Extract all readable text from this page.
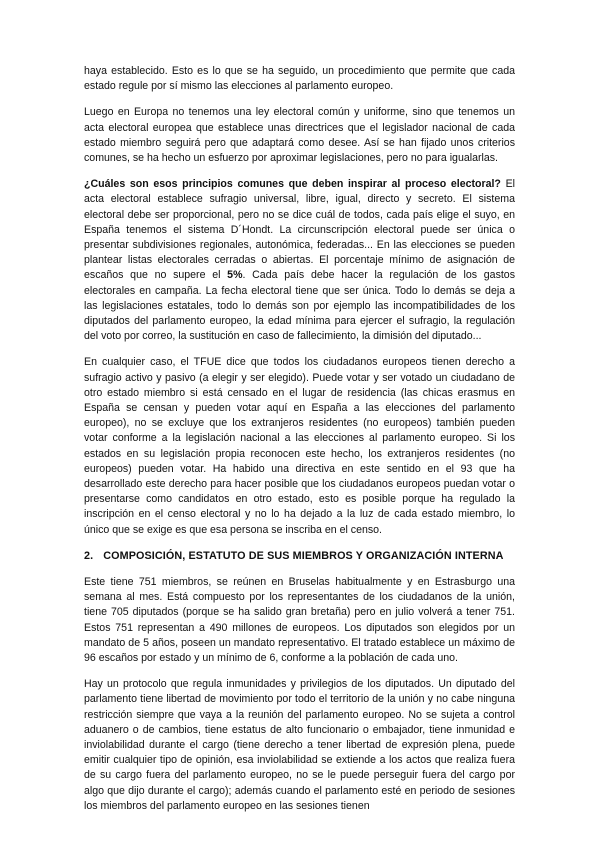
haya establecido. Esto es lo que se ha seguido, un procedimiento que permite que cada estado regule por sí mismo las elecciones al parlamento europeo.

Luego en Europa no tenemos una ley electoral común y uniforme, sino que tenemos un acta electoral europea que establece unas directrices que el legislador nacional de cada estado miembro seguirá pero que adaptará como desee. Así se han fijado unos criterios comunes, se ha hecho un esfuerzo por aproximar legislaciones, pero no para igualarlas.

¿Cuáles son esos principios comunes que deben inspirar al proceso electoral? El acta electoral establece sufragio universal, libre, igual, directo y secreto. El sistema electoral debe ser proporcional, pero no se dice cuál de todos, cada país elige el suyo, en España tenemos el sistema D´Hondt. La circunscripción electoral puede ser única o presentar subdivisiones regionales, autonómica, federadas... En las elecciones se pueden plantear listas electorales cerradas o abiertas. El porcentaje mínimo de asignación de escaños que no supere el 5%. Cada país debe hacer la regulación de los gastos electorales en campaña. La fecha electoral tiene que ser única. Todo lo demás se deja a las legislaciones estatales, todo lo demás son por ejemplo las incompatibilidades de los diputados del parlamento europeo, la edad mínima para ejercer el sufragio, la regulación del voto por correo, la sustitución en caso de fallecimiento, la dimisión del diputado...

En cualquier caso, el TFUE dice que todos los ciudadanos europeos tienen derecho a sufragio activo y pasivo (a elegir y ser elegido). Puede votar y ser votado un ciudadano de otro estado miembro si está censado en el lugar de residencia (las chicas erasmus en España se censan y pueden votar aquí en España a las elecciones del parlamento europeo), no se excluye que los extranjeros residentes (no europeos) también pueden votar conforme a la legislación nacional a las elecciones al parlamento europeo. Si los estados en su legislación propia reconocen este hecho, los extranjeros residentes (no europeos) pueden votar. Ha habido una directiva en este sentido en el 93 que ha desarrollado este derecho para hacer posible que los ciudadanos europeos puedan votar o presentarse como candidatos en otro estado, esto es posible porque ha regulado la inscripción en el censo electoral y no lo ha dejado a la luz de cada estado miembro, lo único que se exige es que esa persona se inscriba en el censo.

2. COMPOSICIÓN, ESTATUTO DE SUS MIEMBROS Y ORGANIZACIÓN INTERNA

Este tiene 751 miembros, se reúnen en Bruselas habitualmente y en Estrasburgo una semana al mes. Está compuesto por los representantes de los ciudadanos de la unión, tiene 705 diputados (porque se ha salido gran bretaña) pero en julio volverá a tener 751. Estos 751 representan a 490 millones de europeos. Los diputados son elegidos por un mandato de 5 años, poseen un mandato representativo. El tratado establece un máximo de 96 escaños por estado y un mínimo de 6, conforme a la población de cada uno.

Hay un protocolo que regula inmunidades y privilegios de los diputados. Un diputado del parlamento tiene libertad de movimiento por todo el territorio de la unión y no cabe ninguna restricción siempre que vaya a la reunión del parlamento europeo. No se sujeta a control aduanero o de cambios, tiene estatus de alto funcionario o embajador, tiene inmunidad e inviolabilidad durante el cargo (tiene derecho a tener libertad de expresión plena, puede emitir cualquier tipo de opinión, esa inviolabilidad se extiende a los actos que realiza fuera de su cargo fuera del parlamento europeo, no se le puede perseguir fuera del cargo por algo que dijo durante el cargo); además cuando el parlamento esté en periodo de sesiones los miembros del parlamento europeo en las sesiones tienen
